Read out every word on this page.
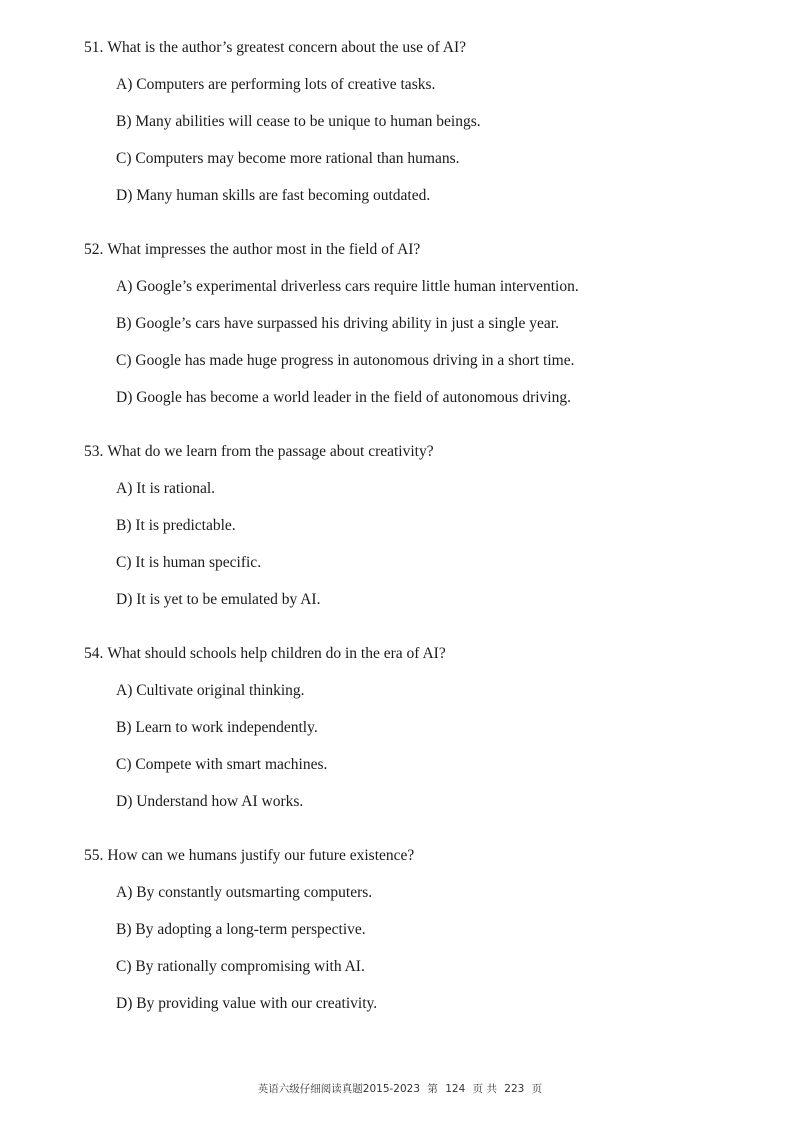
51. What is the author’s greatest concern about the use of AI?
A) Computers are performing lots of creative tasks.
B) Many abilities will cease to be unique to human beings.
C) Computers may become more rational than humans.
D) Many human skills are fast becoming outdated.
52. What impresses the author most in the field of AI?
A) Google’s experimental driverless cars require little human intervention.
B) Google’s cars have surpassed his driving ability in just a single year.
C) Google has made huge progress in autonomous driving in a short time.
D) Google has become a world leader in the field of autonomous driving.
53. What do we learn from the passage about creativity?
A) It is rational.
B) It is predictable.
C) It is human specific.
D) It is yet to be emulated by AI.
54. What should schools help children do in the era of AI?
A) Cultivate original thinking.
B) Learn to work independently.
C) Compete with smart machines.
D) Understand how AI works.
55. How can we humans justify our future existence?
A) By constantly outsmarting computers.
B) By adopting a long-term perspective.
C) By rationally compromising with AI.
D) By providing value with our creativity.
英语六级仔细阅读真题2015-2023 第 124 页 共 223 页
